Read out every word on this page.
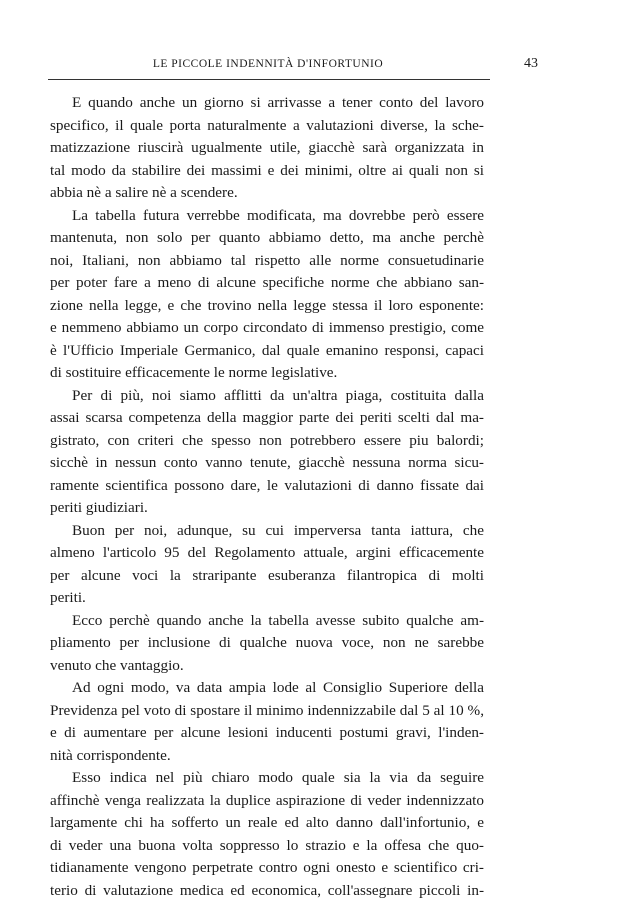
LE PICCOLE INDENNITÀ D'INFORTUNIO	43
E quando anche un giorno si arrivasse a tener conto del lavoro
specifico, il quale porta naturalmente a valutazioni diverse, la sche-
matizzazione riuscirà ugualmente utile, giacchè sarà organizzata in
tal modo da stabilire dei massimi e dei minimi, oltre ai quali non si
abbia nè a salire nè a scendere.
La tabella futura verrebbe modificata, ma dovrebbe però essere
mantenuta, non solo per quanto abbiamo detto, ma anche perchè
noi, Italiani, non abbiamo tal rispetto alle norme consuetudinarie
per poter fare a meno di alcune specifiche norme che abbiano san-
zione nella legge, e che trovino nella legge stessa il loro esponente:
e nemmeno abbiamo un corpo circondato di immenso prestigio, come
è l'Ufficio Imperiale Germanico, dal quale emanino responsi, capaci
di sostituire efficacemente le norme legislative.
Per di più, noi siamo afflitti da un'altra piaga, costituita dalla
assai scarsa competenza della maggior parte dei periti scelti dal ma-
gistrato, con criteri che spesso non potrebbero essere piu balordi;
sicchè in nessun conto vanno tenute, giacchè nessuna norma sicu-
ramente scientifica possono dare, le valutazioni di danno fissate dai
periti giudiziari.
Buon per noi, adunque, su cui imperversa tanta iattura, che
almeno l'articolo 95 del Regolamento attuale, argini efficacemente
per alcune voci la straripante esuberanza filantropica di molti
periti.
Ecco perchè quando anche la tabella avesse subito qualche am-
pliamento per inclusione di qualche nuova voce, non ne sarebbe
venuto che vantaggio.
Ad ogni modo, va data ampia lode al Consiglio Superiore della
Previdenza pel voto di spostare il minimo indennizzabile dal 5 al 10 %,
e di aumentare per alcune lesioni inducenti postumi gravi, l'inden-
nità corrispondente.
Esso indica nel più chiaro modo quale sia la via da seguire
affinchè venga realizzata la duplice aspirazione di veder indennizzato
largamente chi ha sofferto un reale ed alto danno dall'infortunio, e
di veder una buona volta soppresso lo strazio e la offesa che quo-
tidianamente vengono perpetrate contro ogni onesto e scientifico cri-
terio di valutazione medica ed economica, coll'assegnare piccoli in-
